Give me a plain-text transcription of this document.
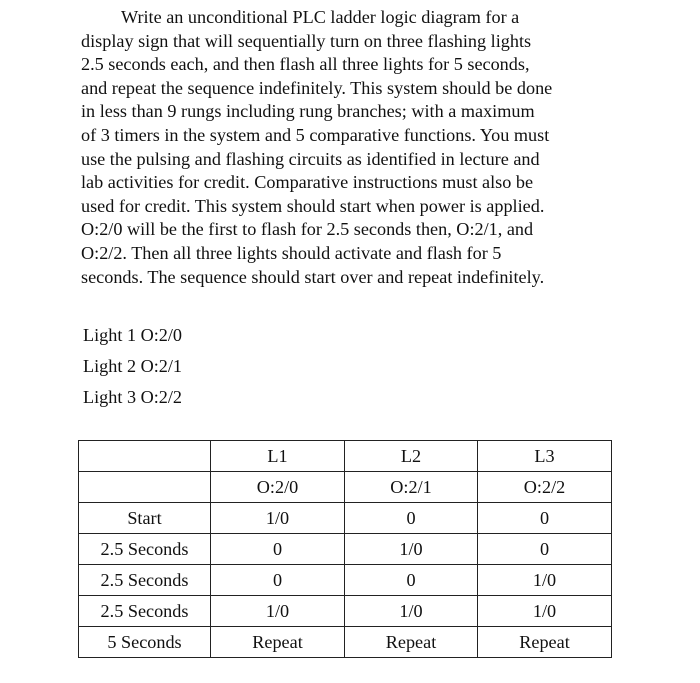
Write an unconditional PLC ladder logic diagram for a
display sign that will sequentially turn on three flashing lights
2.5 seconds each, and then flash all three lights for 5 seconds,
and repeat the sequence indefinitely. This system should be done
in less than 9 rungs including rung branches; with a maximum
of 3 timers in the system and 5 comparative functions. You must
use the pulsing and flashing circuits as identified in lecture and
lab activities for credit. Comparative instructions must also be
used for credit. This system should start when power is applied.
O:2/0 will be the first to flash for 2.5 seconds then, O:2/1, and
O:2/2. Then all three lights should activate and flash for 5
seconds. The sequence should start over and repeat indefinitely.
Light 1 O:2/0
Light 2 O:2/1
Light 3 O:2/2
	L1	L2	L3
	O:2/0	O:2/1	O:2/2
Start	1/0	0	0
2.5 Seconds	0	1/0	0
2.5 Seconds	0	0	1/0
2.5 Seconds	1/0	1/0	1/0
5 Seconds	Repeat	Repeat	Repeat
